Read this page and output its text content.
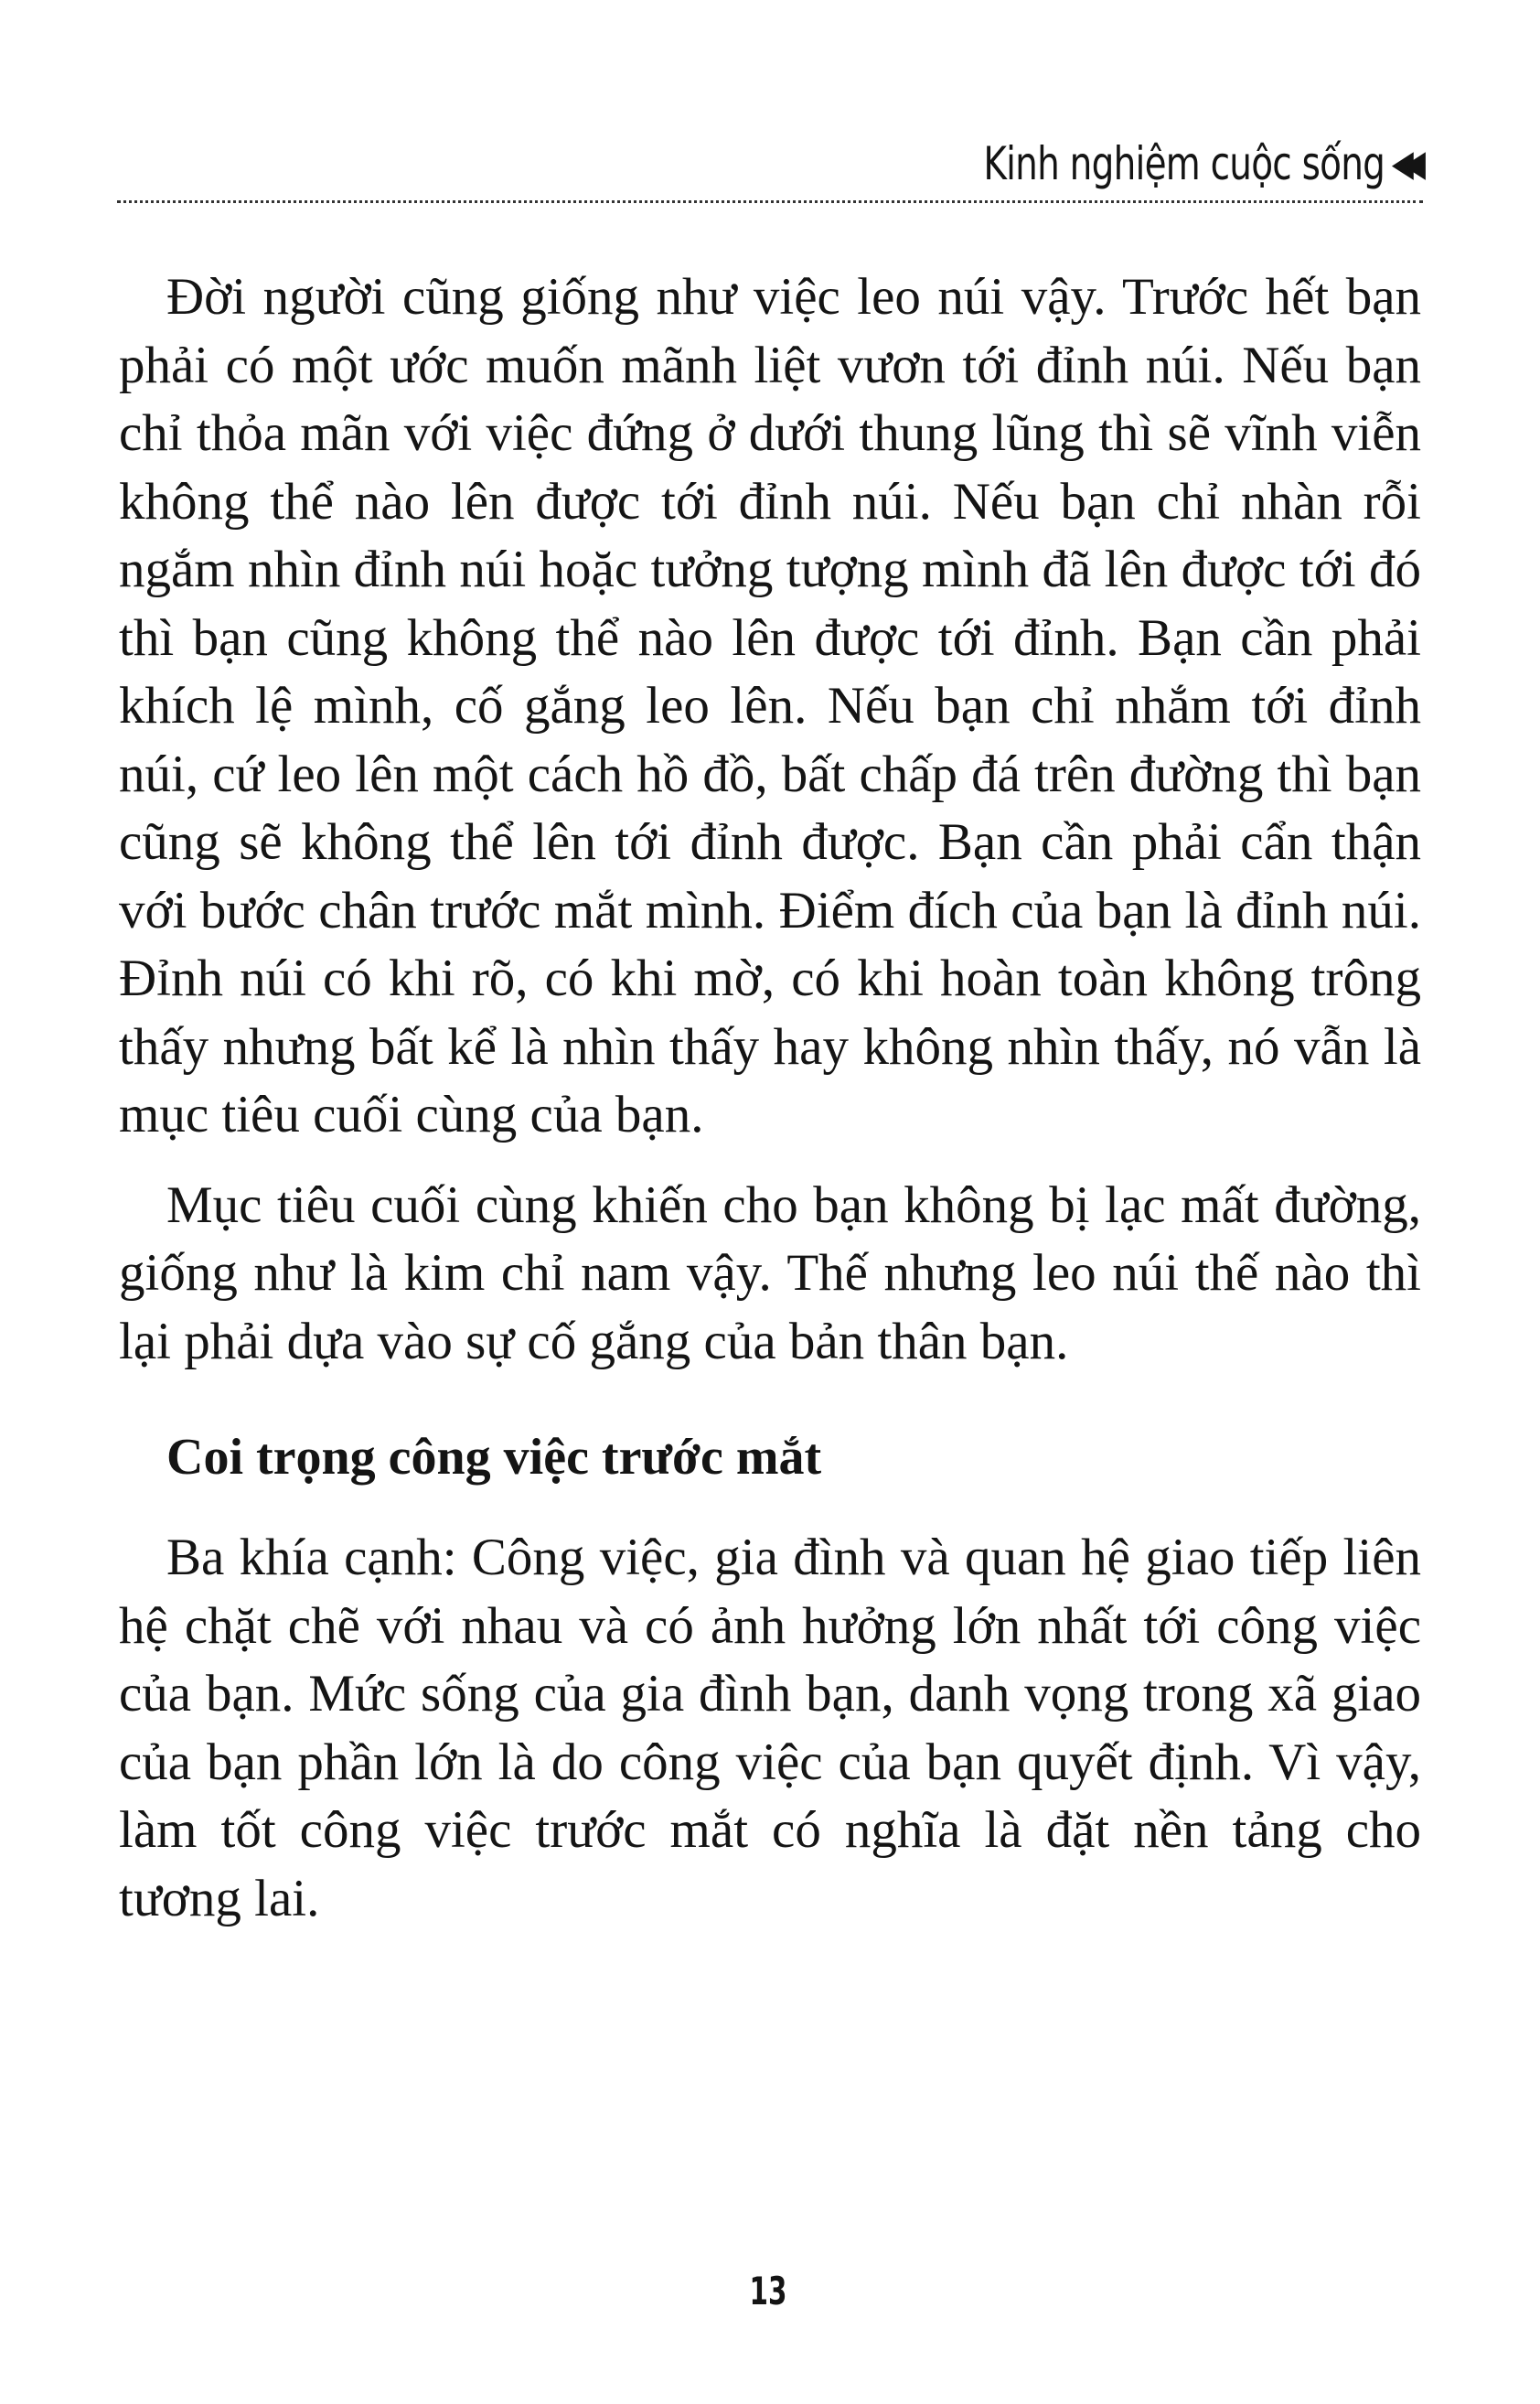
Kinh nghiệm cuộc sống ◀◀

Đời người cũng giống như việc leo núi vậy. Trước hết bạn phải có một ước muốn mãnh liệt vươn tới đỉnh núi. Nếu bạn chỉ thỏa mãn với việc đứng ở dưới thung lũng thì sẽ vĩnh viễn không thể nào lên được tới đỉnh núi. Nếu bạn chỉ nhàn rỗi ngắm nhìn đỉnh núi hoặc tưởng tượng mình đã lên được tới đó thì bạn cũng không thể nào lên được tới đỉnh. Bạn cần phải khích lệ mình, cố gắng leo lên. Nếu bạn chỉ nhắm tới đỉnh núi, cứ leo lên một cách hồ đồ, bất chấp đá trên đường thì bạn cũng sẽ không thể lên tới đỉnh được. Bạn cần phải cẩn thận với bước chân trước mắt mình. Điểm đích của bạn là đỉnh núi. Đỉnh núi có khi rõ, có khi mờ, có khi hoàn toàn không trông thấy nhưng bất kể là nhìn thấy hay không nhìn thấy, nó vẫn là mục tiêu cuối cùng của bạn.

Mục tiêu cuối cùng khiến cho bạn không bị lạc mất đường, giống như là kim chỉ nam vậy. Thế nhưng leo núi thế nào thì lại phải dựa vào sự cố gắng của bản thân bạn.

Coi trọng công việc trước mắt

Ba khía cạnh: Công việc, gia đình và quan hệ giao tiếp liên hệ chặt chẽ với nhau và có ảnh hưởng lớn nhất tới công việc của bạn. Mức sống của gia đình bạn, danh vọng trong xã giao của bạn phần lớn là do công việc của bạn quyết định. Vì vậy, làm tốt công việc trước mắt có nghĩa là đặt nền tảng cho tương lai.

13
